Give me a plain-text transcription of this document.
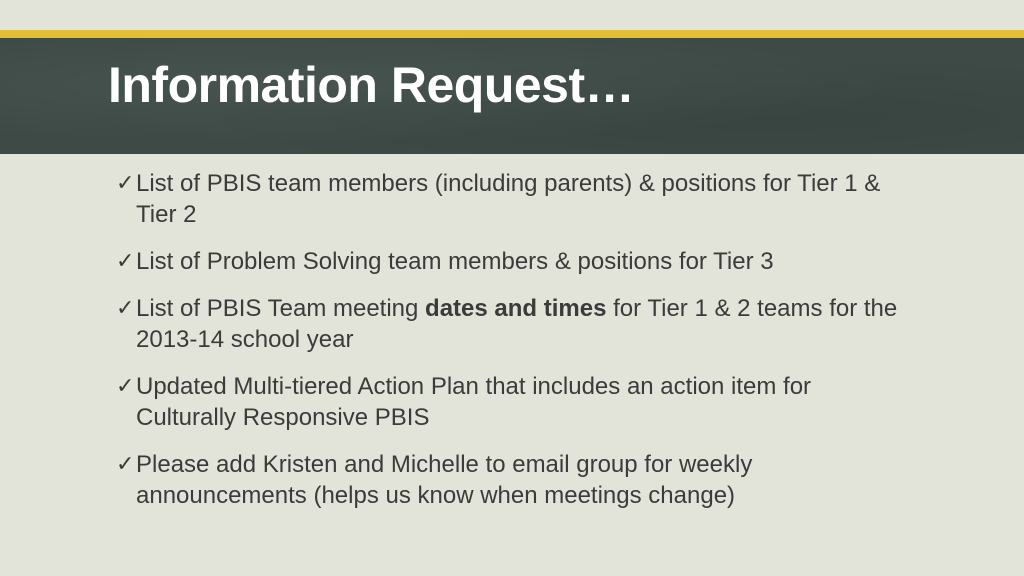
Information Request…
✓ List of PBIS team members (including parents) & positions for Tier 1 & Tier 2
✓ List of Problem Solving team members & positions for Tier 3
✓ List of PBIS Team meeting dates and times for Tier 1 & 2 teams for the 2013-14 school year
✓ Updated Multi-tiered Action Plan that includes an action item for Culturally Responsive PBIS
✓ Please add Kristen and Michelle to email group for weekly announcements (helps us know when meetings change)
